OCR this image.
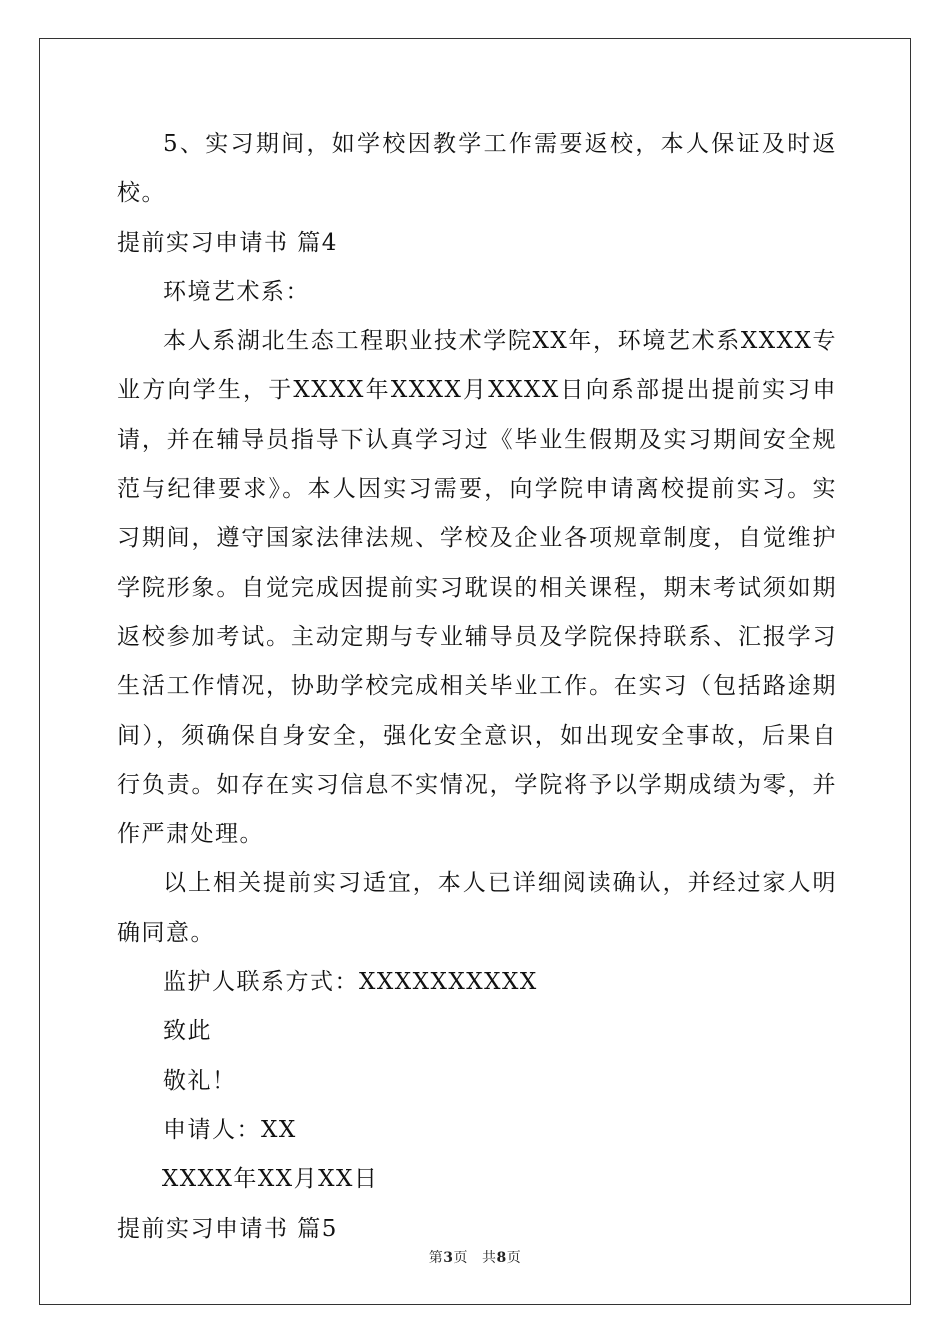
5、实习期间，如学校因教学工作需要返校，本人保证及时返校。

提前实习申请书 篇4

环境艺术系：

本人系湖北生态工程职业技术学院XX年，环境艺术系XXXX专业方向学生，于XXXX年XXXX月XXXX日向系部提出提前实习申请，并在辅导员指导下认真学习过《毕业生假期及实习期间安全规范与纪律要求》。本人因实习需要，向学院申请离校提前实习。实习期间，遵守国家法律法规、学校及企业各项规章制度，自觉维护学院形象。自觉完成因提前实习耽误的相关课程，期末考试须如期返校参加考试。主动定期与专业辅导员及学院保持联系、汇报学习生活工作情况，协助学校完成相关毕业工作。在实习（包括路途期间），须确保自身安全，强化安全意识，如出现安全事故，后果自行负责。如存在实习信息不实情况，学院将予以学期成绩为零，并作严肃处理。

以上相关提前实习适宜，本人已详细阅读确认，并经过家人明确同意。

监护人联系方式：XXXXXXXXXX

致此

敬礼！

申请人：XX

XXXX年XX月XX日

提前实习申请书 篇5

第3页 共8页
